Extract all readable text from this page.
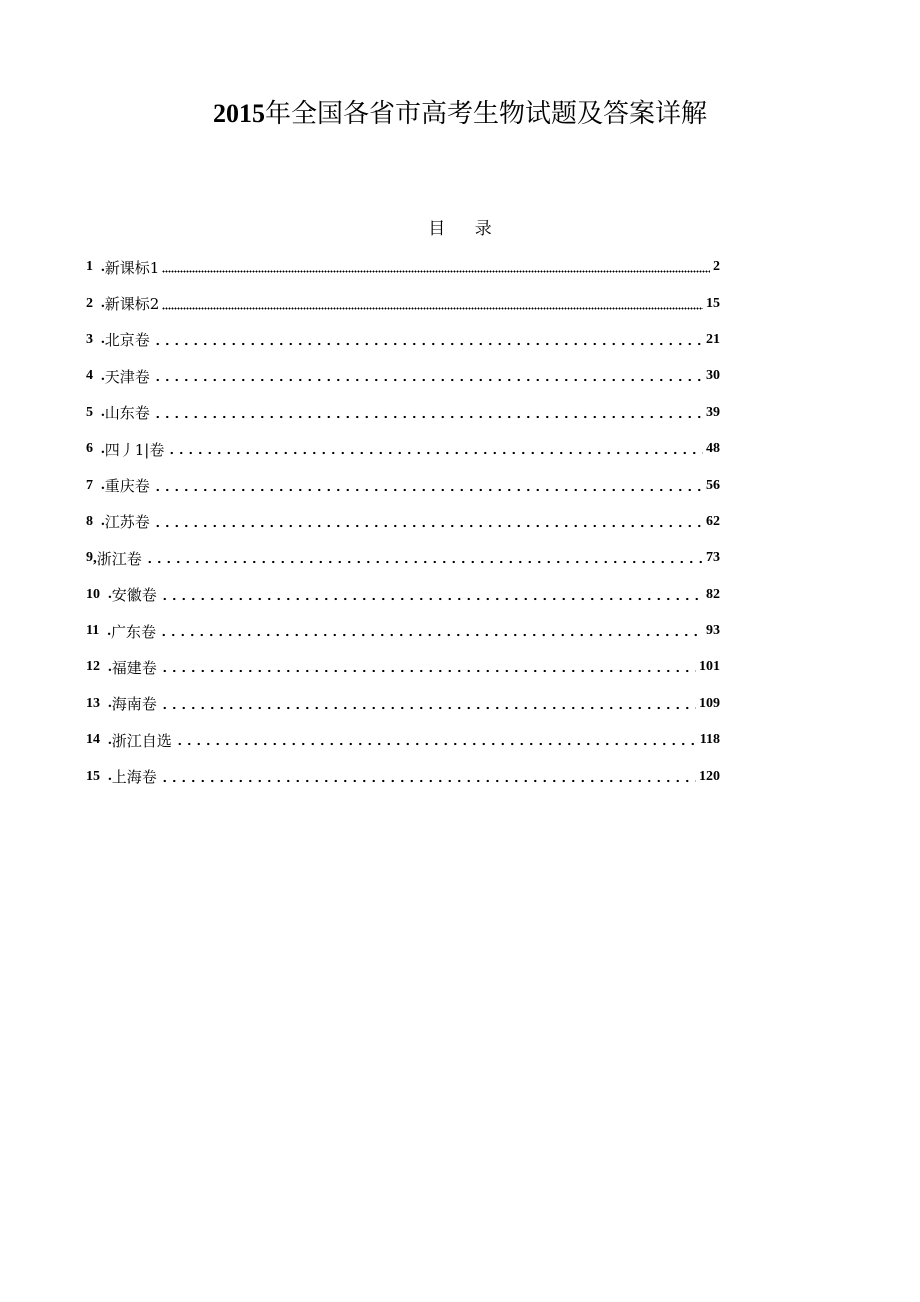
2015年全国各省市高考生物试题及答案详解
目 录
1 . 新课标1	2
2 . 新课标2	15
3 . 北京卷	21
4 . 天津卷	30
5 . 山东卷	39
6 . 四丿1|卷	48
7 . 重庆卷	56
8 . 江苏卷	62
9 , 浙江卷	73
10 . 安徽卷	82
11 . 广东卷	93
12 . 福建卷	101
13 . 海南卷	109
14 . 浙江自选	118
15 . 上海卷	120
